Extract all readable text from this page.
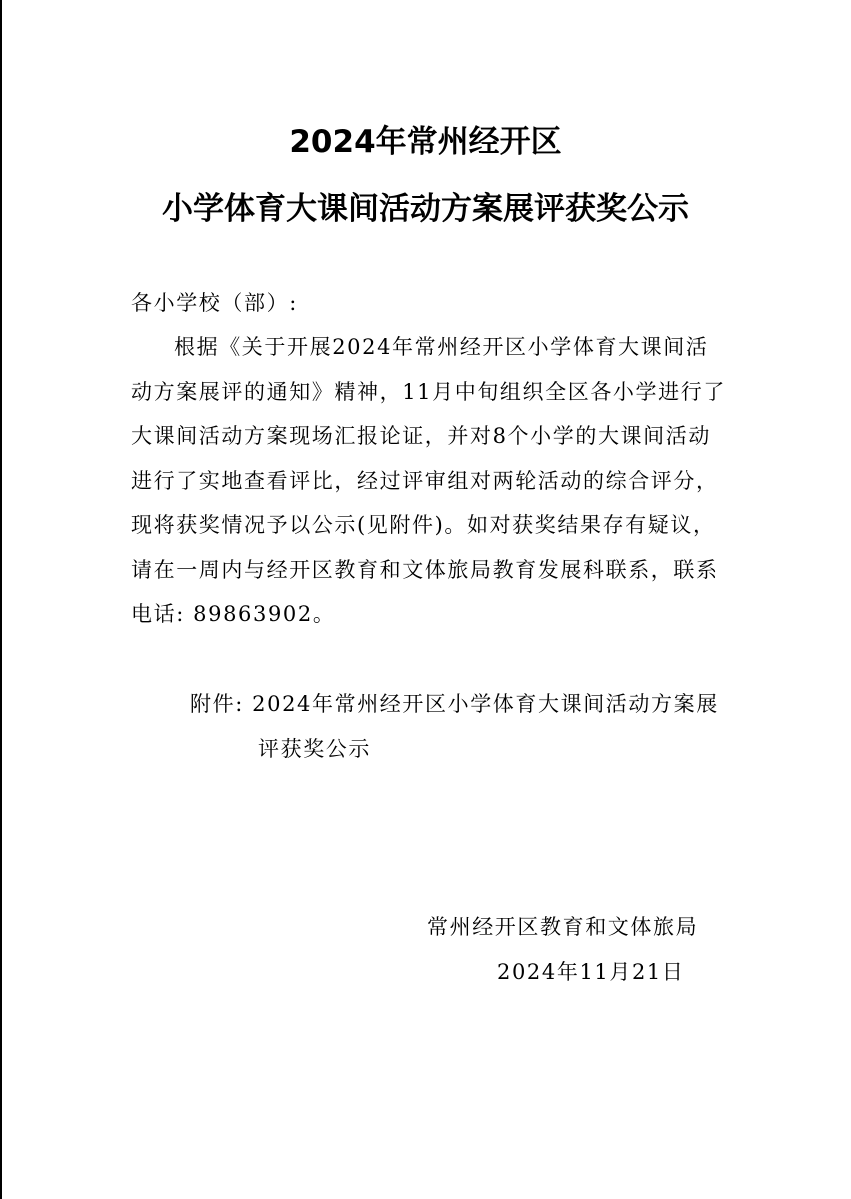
2024年常州经开区
小学体育大课间活动方案展评获奖公示
各小学校（部）:
根据《关于开展2024年常州经开区小学体育大课间活
动方案展评的通知》精神，11月中旬组织全区各小学进行了
大课间活动方案现场汇报论证，并对8个小学的大课间活动
进行了实地查看评比，经过评审组对两轮活动的综合评分，
现将获奖情况予以公示(见附件)。如对获奖结果存有疑议，
请在一周内与经开区教育和文体旅局教育发展科联系，联系
电话: 89863902。
附件: 2024年常州经开区小学体育大课间活动方案展
评获奖公示
常州经开区教育和文体旅局
2024年11月21日
